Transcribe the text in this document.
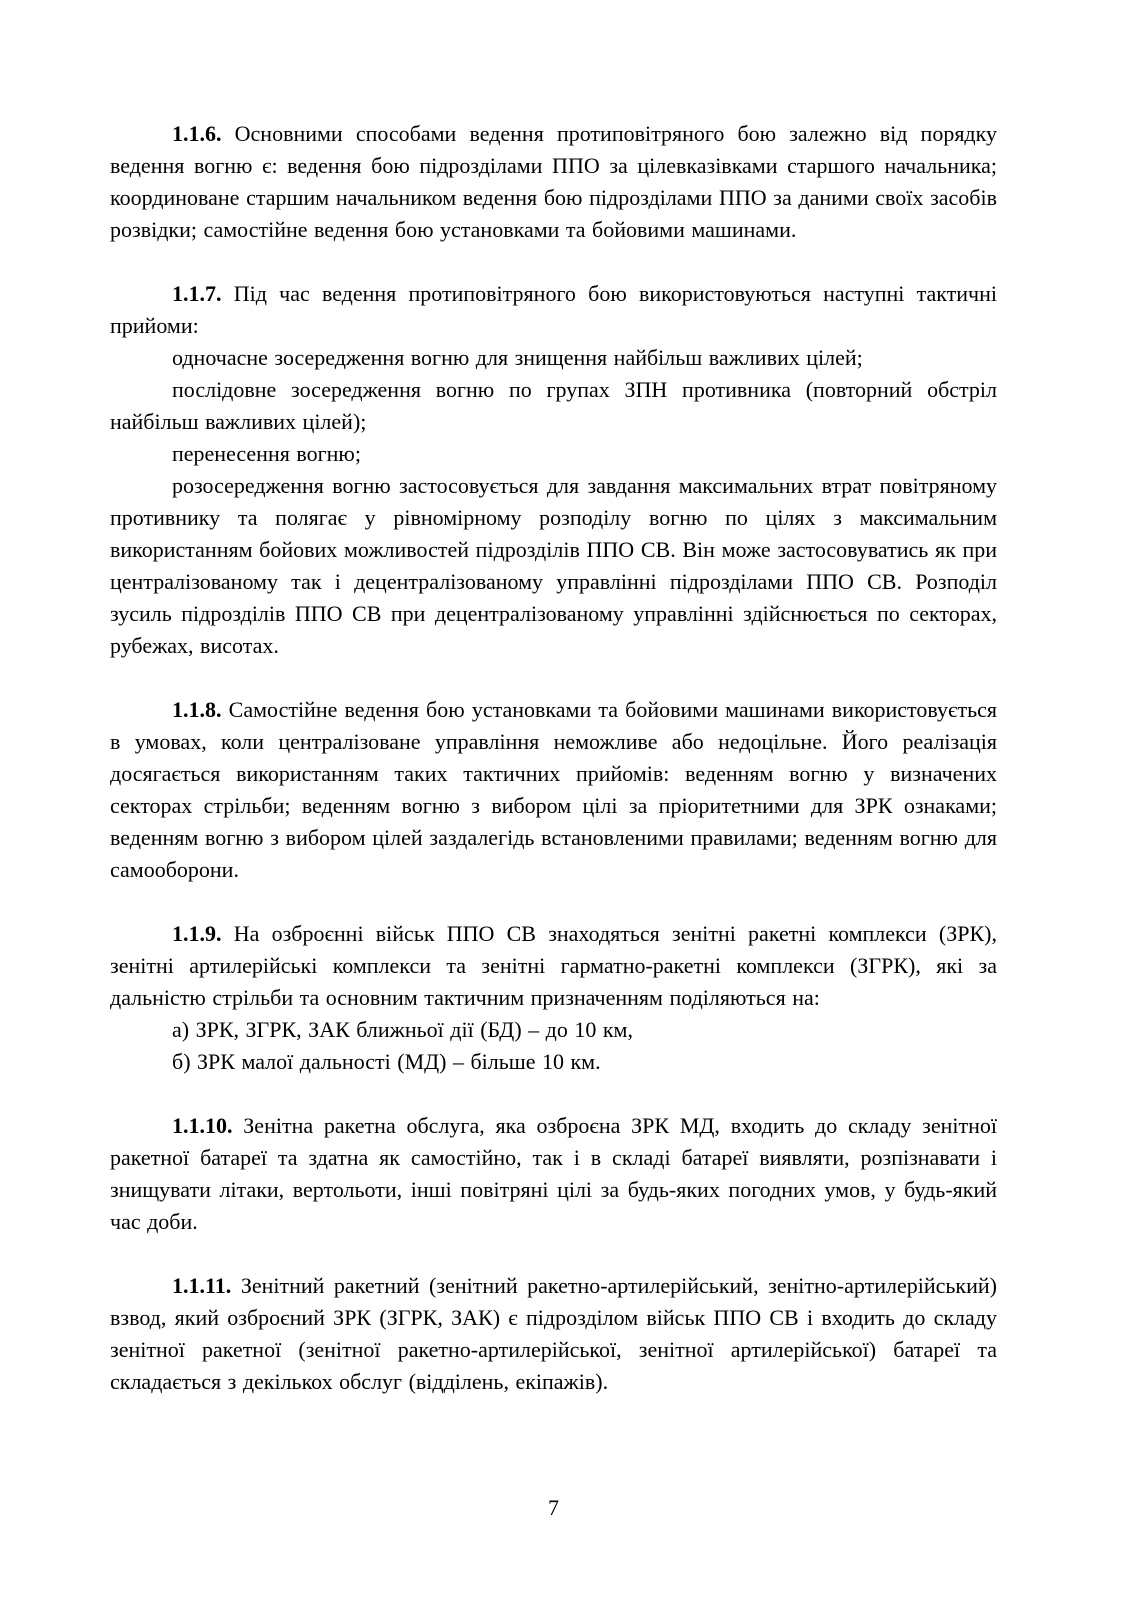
1.1.6. Основними способами ведення протиповітряного бою залежно від порядку ведення вогню є: ведення бою підрозділами ППО за цілевказівками старшого начальника; координоване старшим начальником ведення бою підрозділами ППО за даними своїх засобів розвідки; самостійне ведення бою установками та бойовими машинами.

1.1.7. Під час ведення протиповітряного бою використовуються наступні тактичні прийоми:

одночасне зосередження вогню для знищення найбільш важливих цілей;

послідовне зосередження вогню по групах ЗПН противника (повторний обстріл найбільш важливих цілей);

перенесення вогню;

розосередження вогню застосовується для завдання максимальних втрат повітряному противнику та полягає у рівномірному розподілу вогню по цілях з максимальним використанням бойових можливостей підрозділів ППО СВ. Він може застосовуватись як при централізованому так і децентралізованому управлінні підрозділами ППО СВ. Розподіл зусиль підрозділів ППО СВ при децентралізованому управлінні здійснюється по секторах, рубежах, висотах.

1.1.8. Самостійне ведення бою установками та бойовими машинами використовується в умовах, коли централізоване управління неможливе або недоцільне. Його реалізація досягається використанням таких тактичних прийомів: веденням вогню у визначених секторах стрільби; веденням вогню з вибором цілі за пріоритетними для ЗРК ознаками; веденням вогню з вибором цілей заздалегідь встановленими правилами; веденням вогню для самооборони.

1.1.9. На озброєнні військ ППО СВ знаходяться зенітні ракетні комплекси (ЗРК), зенітні артилерійські комплекси та зенітні гарматно-ракетні комплекси (ЗГРК), які за дальністю стрільби та основним тактичним призначенням поділяються на:

а) ЗРК, ЗГРК, ЗАК ближньої дії (БД) – до 10 км,

б) ЗРК малої дальності (МД) – більше 10 км.

1.1.10. Зенітна ракетна обслуга, яка озброєна ЗРК МД, входить до складу зенітної ракетної батареї та здатна як самостійно, так і в складі батареї виявляти, розпізнавати і знищувати літаки, вертольоти, інші повітряні цілі за будь-яких погодних умов, у будь-який час доби.

1.1.11. Зенітний ракетний (зенітний ракетно-артилерійський, зенітно-артилерійський) взвод, який озброєний ЗРК (ЗГРК, ЗАК) є підрозділом військ ППО СВ і входить до складу зенітної ракетної (зенітної ракетно-артилерійської, зенітної артилерійської) батареї та складається з декількох обслуг (відділень, екіпажів).

7
